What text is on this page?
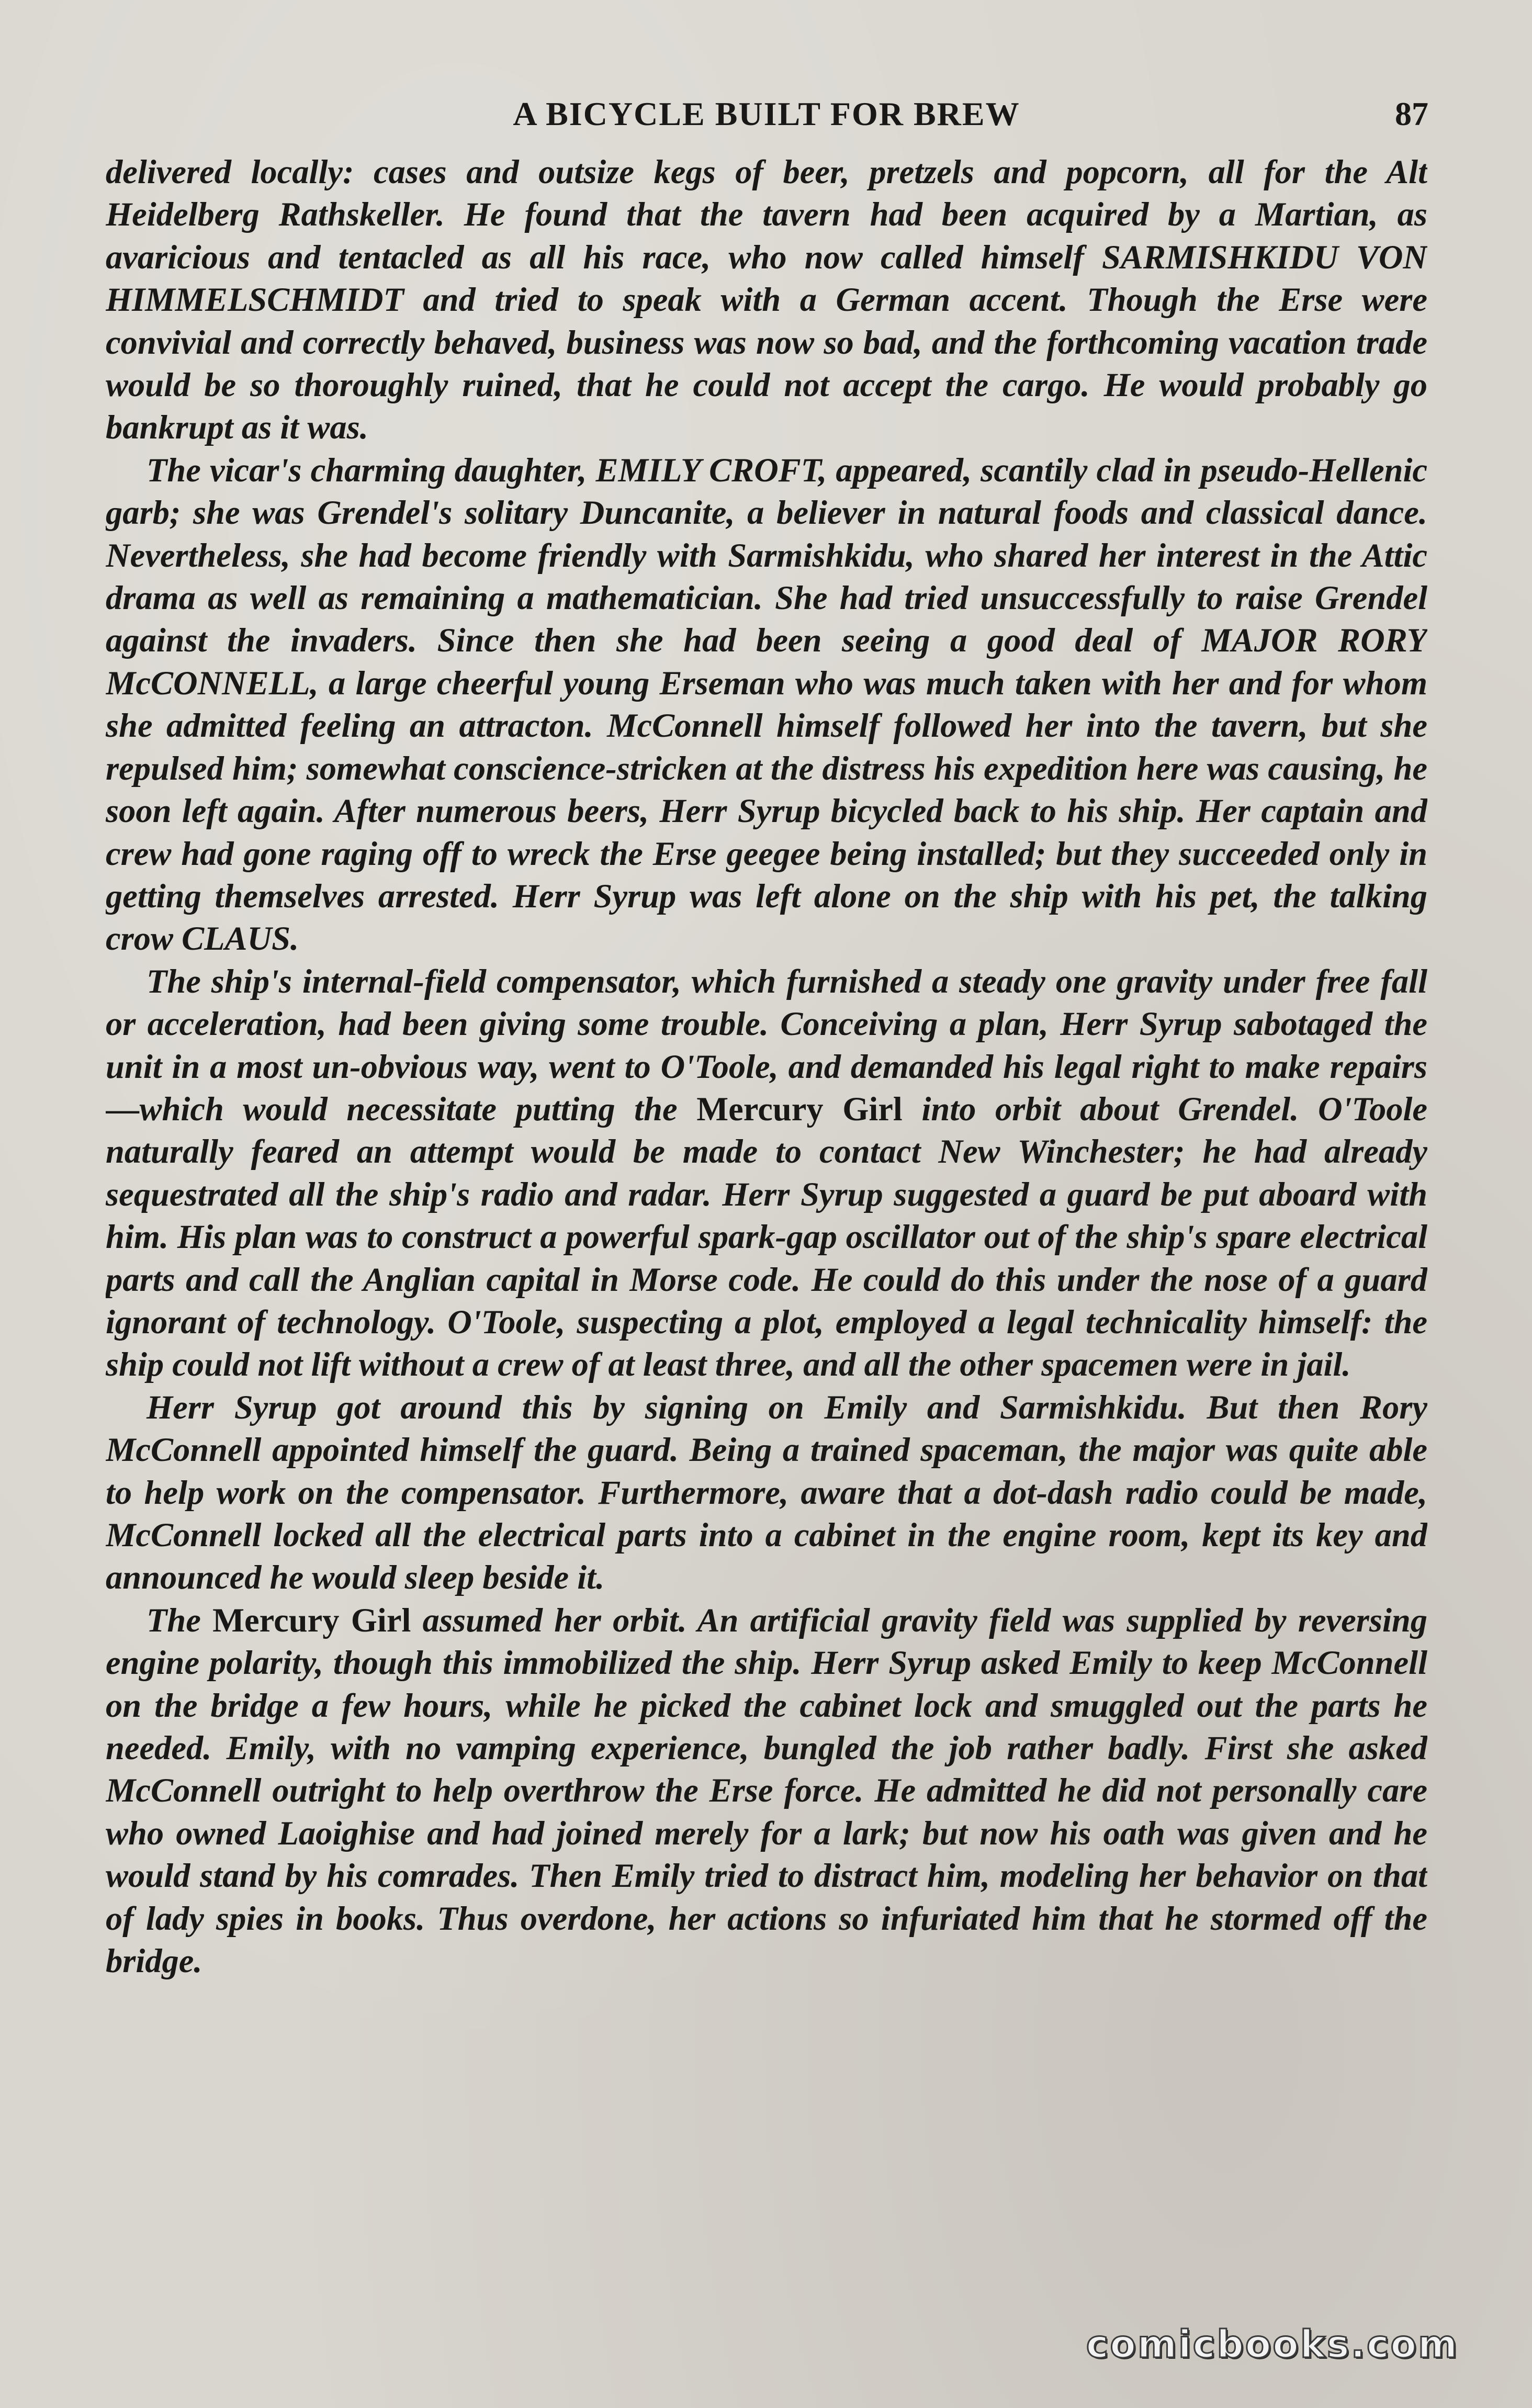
A BICYCLE BUILT FOR BREW	87

delivered locally: cases and outsize kegs of beer, pretzels and popcorn, all for the Alt Heidelberg Rathskeller. He found that the tavern had been acquired by a Martian, as avaricious and tentacled as all his race, who now called himself SARMISHKIDU VON HIMMELSCHMIDT and tried to speak with a German accent. Though the Erse were convivial and correctly behaved, business was now so bad, and the forthcoming vacation trade would be so thoroughly ruined, that he could not accept the cargo. He would probably go bankrupt as it was.

The vicar's charming daughter, EMILY CROFT, appeared, scantily clad in pseudo-Hellenic garb; she was Grendel's solitary Duncanite, a believer in natural foods and classical dance. Nevertheless, she had become friendly with Sarmishkidu, who shared her interest in the Attic drama as well as remaining a mathematician. She had tried unsuccessfully to raise Grendel against the invaders. Since then she had been seeing a good deal of MAJOR RORY McCONNELL, a large cheerful young Erseman who was much taken with her and for whom she admitted feeling an attracton. McConnell himself followed her into the tavern, but she repulsed him; somewhat conscience-stricken at the distress his expedition here was causing, he soon left again. After numerous beers, Herr Syrup bicycled back to his ship. Her captain and crew had gone raging off to wreck the Erse geegee being installed; but they succeeded only in getting themselves arrested. Herr Syrup was left alone on the ship with his pet, the talking crow CLAUS.

The ship's internal-field compensator, which furnished a steady one gravity under free fall or acceleration, had been giving some trouble. Conceiving a plan, Herr Syrup sabotaged the unit in a most un-obvious way, went to O'Toole, and demanded his legal right to make repairs—which would necessitate putting the Mercury Girl into orbit about Grendel. O'Toole naturally feared an attempt would be made to contact New Winchester; he had already sequestrated all the ship's radio and radar. Herr Syrup suggested a guard be put aboard with him. His plan was to construct a powerful spark-gap oscillator out of the ship's spare electrical parts and call the Anglian capital in Morse code. He could do this under the nose of a guard ignorant of technology. O'Toole, suspecting a plot, employed a legal technicality himself: the ship could not lift without a crew of at least three, and all the other spacemen were in jail.

Herr Syrup got around this by signing on Emily and Sarmishkidu. But then Rory McConnell appointed himself the guard. Being a trained spaceman, the major was quite able to help work on the compensator. Furthermore, aware that a dot-dash radio could be made, McConnell locked all the electrical parts into a cabinet in the engine room, kept its key and announced he would sleep beside it.

The Mercury Girl assumed her orbit. An artificial gravity field was supplied by reversing engine polarity, though this immobilized the ship. Herr Syrup asked Emily to keep McConnell on the bridge a few hours, while he picked the cabinet lock and smuggled out the parts he needed. Emily, with no vamping experience, bungled the job rather badly. First she asked McConnell outright to help overthrow the Erse force. He admitted he did not personally care who owned Laoighise and had joined merely for a lark; but now his oath was given and he would stand by his comrades. Then Emily tried to distract him, modeling her behavior on that of lady spies in books. Thus overdone, her actions so infuriated him that he stormed off the bridge.

comicbooks.com
